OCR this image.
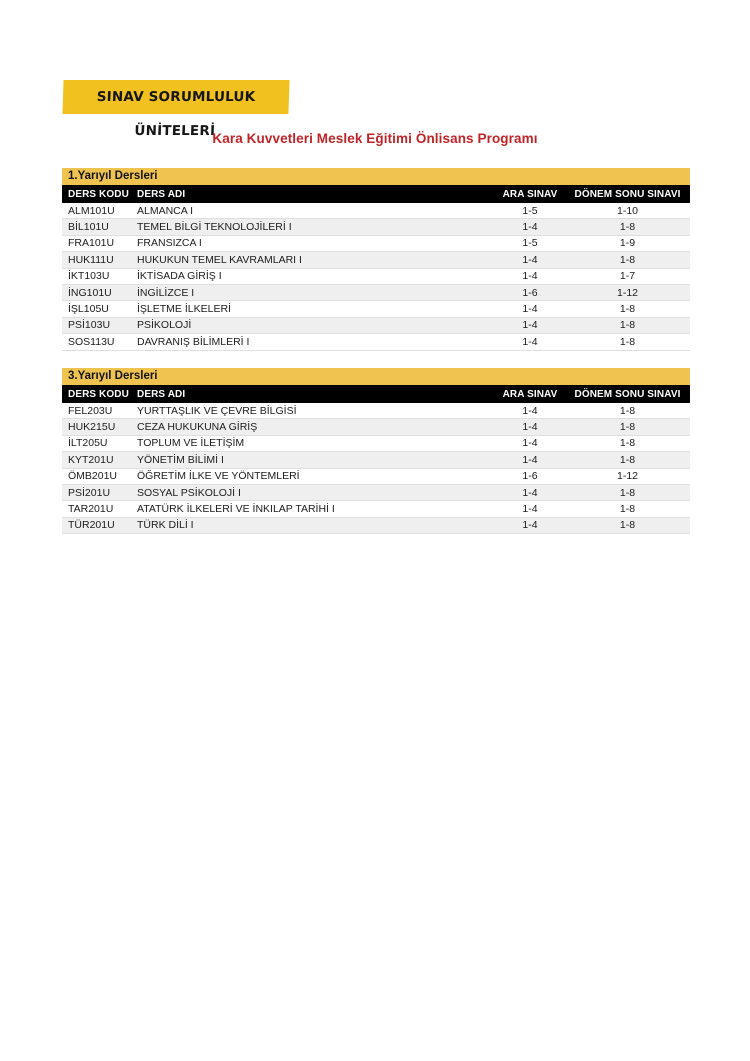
SINAV SORUMLULUK ÜNİTELERİ
Kara Kuvvetleri Meslek Eğitimi Önlisans Programı
1.Yarıyıl Dersleri
DERS KODU DERS ADI	ARA SINAV	DÖNEM SONU SINAVI
ALM101U	ALMANCA I	1-5	1-10
BİL101U	TEMEL BİLGİ TEKNOLOJİLERİ I	1-4	1-8
FRA101U	FRANSIZCA I	1-5	1-9
HUK111U	HUKUKUN TEMEL KAVRAMLARI I	1-4	1-8
İKT103U	İKTİSADA GİRİŞ I	1-4	1-7
İNG101U	İNGİLİZCE I	1-6	1-12
İŞL105U	İŞLETME İLKELERİ	1-4	1-8
PSİ103U	PSİKOLOJİ	1-4	1-8
SOS113U	DAVRANIŞ BİLİMLERİ I	1-4	1-8
3.Yarıyıl Dersleri
DERS KODU DERS ADI	ARA SINAV	DÖNEM SONU SINAVI
FEL203U	YURTTAŞLIK VE ÇEVRE BİLGİSİ	1-4	1-8
HUK215U	CEZA HUKUKUNA GİRİŞ	1-4	1-8
İLT205U	TOPLUM VE İLETİŞİM	1-4	1-8
KYT201U	YÖNETİM BİLİMİ I	1-4	1-8
ÖMB201U	ÖĞRETİM İLKE VE YÖNTEMLERİ	1-6	1-12
PSİ201U	SOSYAL PSİKOLOJİ I	1-4	1-8
TAR201U	ATATÜRK İLKELERİ VE İNKILAP TARİHİ I	1-4	1-8
TÜR201U	TÜRK DİLİ I	1-4	1-8
